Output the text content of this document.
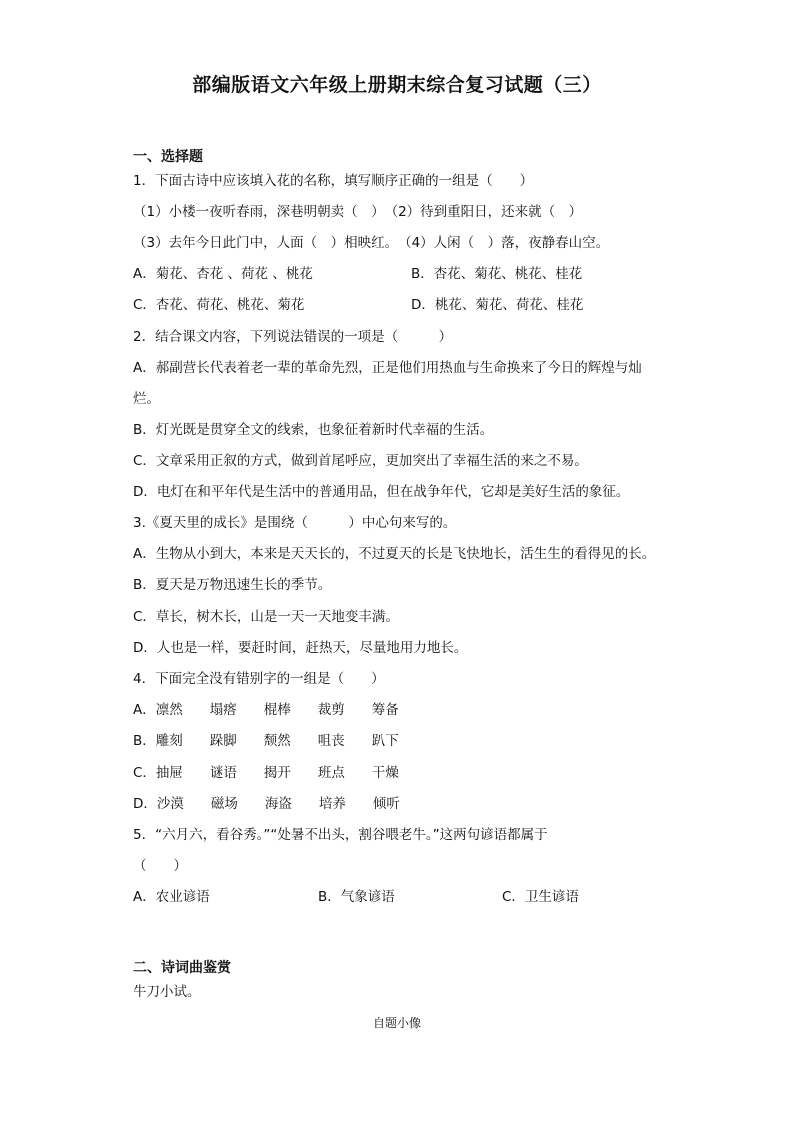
部编版语文六年级上册期末综合复习试题（三）
一、选择题
1．下面古诗中应该填入花的名称，填写顺序正确的一组是（　　）
（1）小楼一夜听春雨，深巷明朝卖（　）　（2）待到重阳日，还来就（　）
（3）去年今日此门中，人面（　）相映红。　（4）人闲（　）落，夜静春山空。
A．菊花、杏花 、荷花 、桃花	B．杏花、菊花、桃花、桂花
C．杏花、荷花、桃花、菊花	D．桃花、菊花、荷花、桂花
2．结合课文内容，下列说法错误的一项是（　　　）
A．郝副营长代表着老一辈的革命先烈，正是他们用热血与生命换来了今日的辉煌与灿
烂。
B．灯光既是贯穿全文的线索，也象征着新时代幸福的生活。
C．文章采用正叙的方式，做到首尾呼应，更加突出了幸福生活的来之不易。
D．电灯在和平年代是生活中的普通用品，但在战争年代，它却是美好生活的象征。
3.《夏天里的成长》是围绕（　　　）中心句来写的。
A．生物从小到大，本来是天天长的，不过夏天的长是飞快地长，活生生的看得见的长。
B．夏天是万物迅速生长的季节。
C．草长，树木长，山是一天一天地变丰满。
D．人也是一样，要赶时间，赶热天，尽量地用力地长。
4．下面完全没有错别字的一组是（　　）
A．凛然　　塌瘩　　棍棒　　裁剪　　筹备
B．雕刻　　跺脚　　颓然　　咀丧　　趴下
C．抽屉　　谜语　　揭开　　班点　　干燥
D．沙漠　　磁场　　海盗　　培养　　倾听
5．“六月六，看谷秀。”“处暑不出头，割谷喂老牛。”这两句谚语都属于
（　　）
A．农业谚语	B．气象谚语	C．卫生谚语
二、诗词曲鉴赏
牛刀小试。
自题小像
